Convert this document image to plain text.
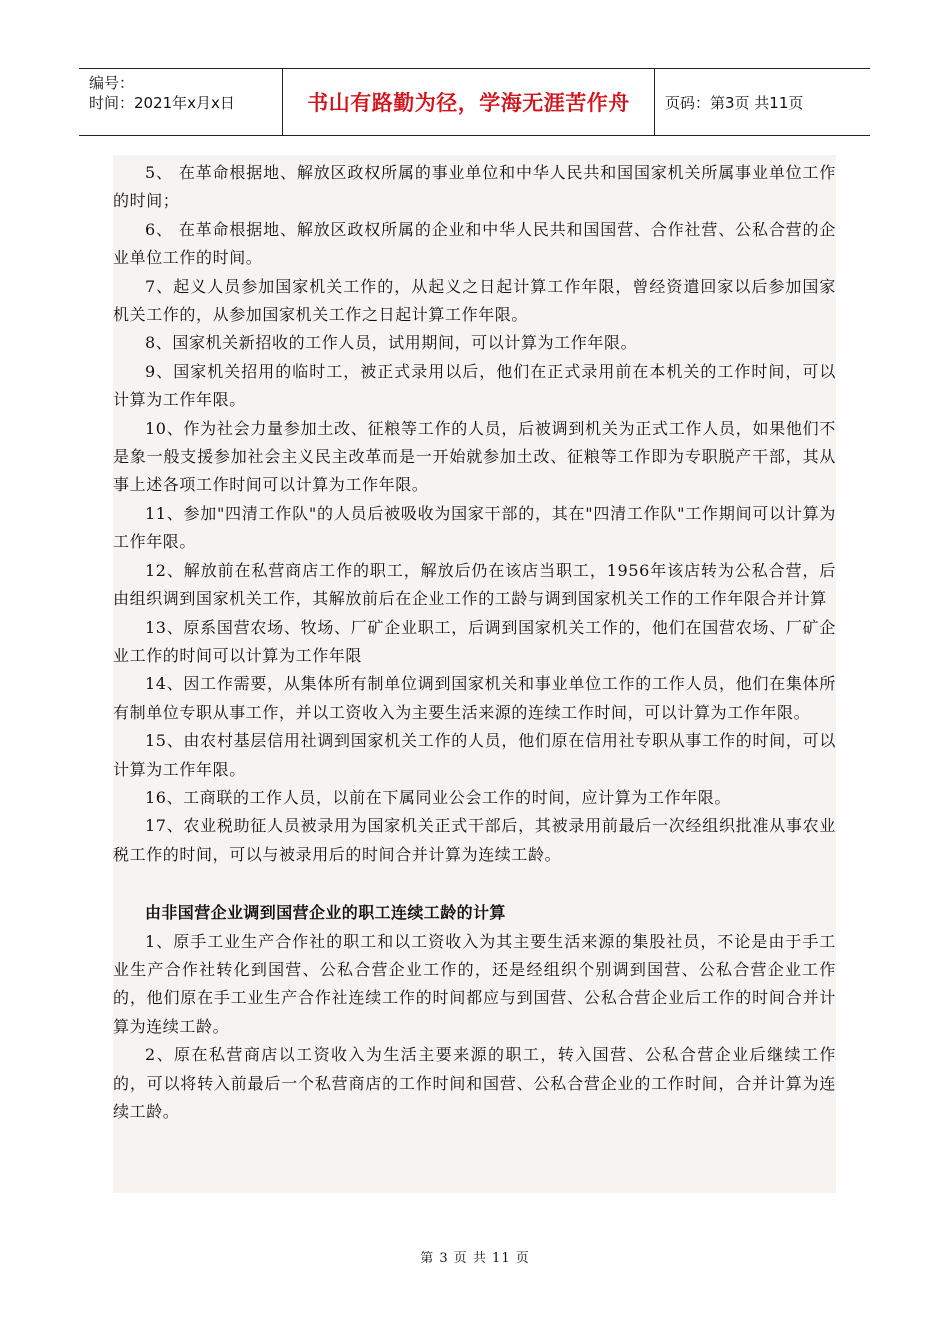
编号：
时间：2021年x月x日	书山有路勤为径，学海无涯苦作舟	页码：第3页 共11页

5、 在革命根据地、解放区政权所属的事业单位和中华人民共和国国家机关所属事业单位工作的时间；

6、 在革命根据地、解放区政权所属的企业和中华人民共和国国营、合作社营、公私合营的企业单位工作的时间。

7、起义人员参加国家机关工作的，从起义之日起计算工作年限，曾经资遣回家以后参加国家机关工作的，从参加国家机关工作之日起计算工作年限。

8、国家机关新招收的工作人员，试用期间，可以计算为工作年限。

9、国家机关招用的临时工，被正式录用以后，他们在正式录用前在本机关的工作时间，可以计算为工作年限。

10、作为社会力量参加土改、征粮等工作的人员，后被调到机关为正式工作人员，如果他们不是象一般支援参加社会主义民主改革而是一开始就参加土改、征粮等工作即为专职脱产干部，其从事上述各项工作时间可以计算为工作年限。

11、参加"四清工作队"的人员后被吸收为国家干部的，其在"四清工作队"工作期间可以计算为工作年限。

12、解放前在私营商店工作的职工，解放后仍在该店当职工，1956年该店转为公私合营，后由组织调到国家机关工作，其解放前后在企业工作的工龄与调到国家机关工作的工作年限合并计算

13、原系国营农场、牧场、厂矿企业职工，后调到国家机关工作的，他们在国营农场、厂矿企业工作的时间可以计算为工作年限

14、因工作需要，从集体所有制单位调到国家机关和事业单位工作的工作人员，他们在集体所有制单位专职从事工作，并以工资收入为主要生活来源的连续工作时间，可以计算为工作年限。

15、由农村基层信用社调到国家机关工作的人员，他们原在信用社专职从事工作的时间，可以计算为工作年限。

16、工商联的工作人员，以前在下属同业公会工作的时间，应计算为工作年限。

17、农业税助征人员被录用为国家机关正式干部后，其被录用前最后一次经组织批准从事农业税工作的时间，可以与被录用后的时间合并计算为连续工龄。

由非国营企业调到国营企业的职工连续工龄的计算

1、原手工业生产合作社的职工和以工资收入为其主要生活来源的集股社员，不论是由于手工业生产合作社转化到国营、公私合营企业工作的，还是经组织个别调到国营、公私合营企业工作的，他们原在手工业生产合作社连续工作的时间都应与到国营、公私合营企业后工作的时间合并计算为连续工龄。

2、原在私营商店以工资收入为生活主要来源的职工，转入国营、公私合营企业后继续工作的，可以将转入前最后一个私营商店的工作时间和国营、公私合营企业的工作时间，合并计算为连续工龄。

第 3 页 共 11 页
